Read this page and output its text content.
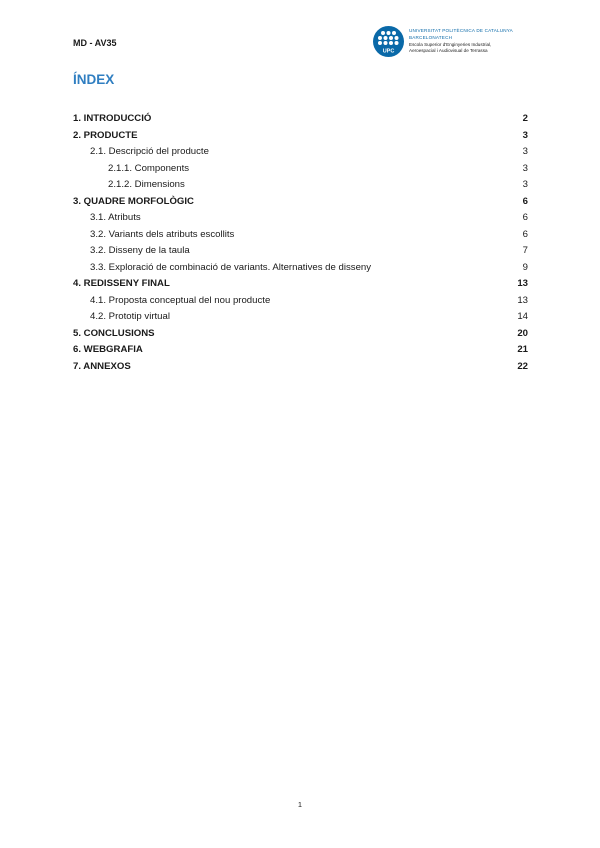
MD - AV35
UPC
UNIVERSITAT POLITÈCNICA DE CATALUNYA
BARCELONATECH
Escola Superior d'Enginyeries Industrial,
Aeroespacial i Audiovisual de Terrassa
ÍNDEX
1. INTRODUCCIÓ	2
2. PRODUCTE	3
2.1. Descripció del producte	3
2.1.1. Components	3
2.1.2. Dimensions	3
3. QUADRE MORFOLÒGIC	6
3.1. Atributs	6
3.2. Variants dels atributs escollits	6
3.2. Disseny de la taula	7
3.3. Exploració de combinació de variants. Alternatives de disseny	9
4. REDISSENY FINAL	13
4.1. Proposta conceptual del nou producte	13
4.2. Prototip virtual	14
5. CONCLUSIONS	20
6. WEBGRAFIA	21
7. ANNEXOS	22
1
